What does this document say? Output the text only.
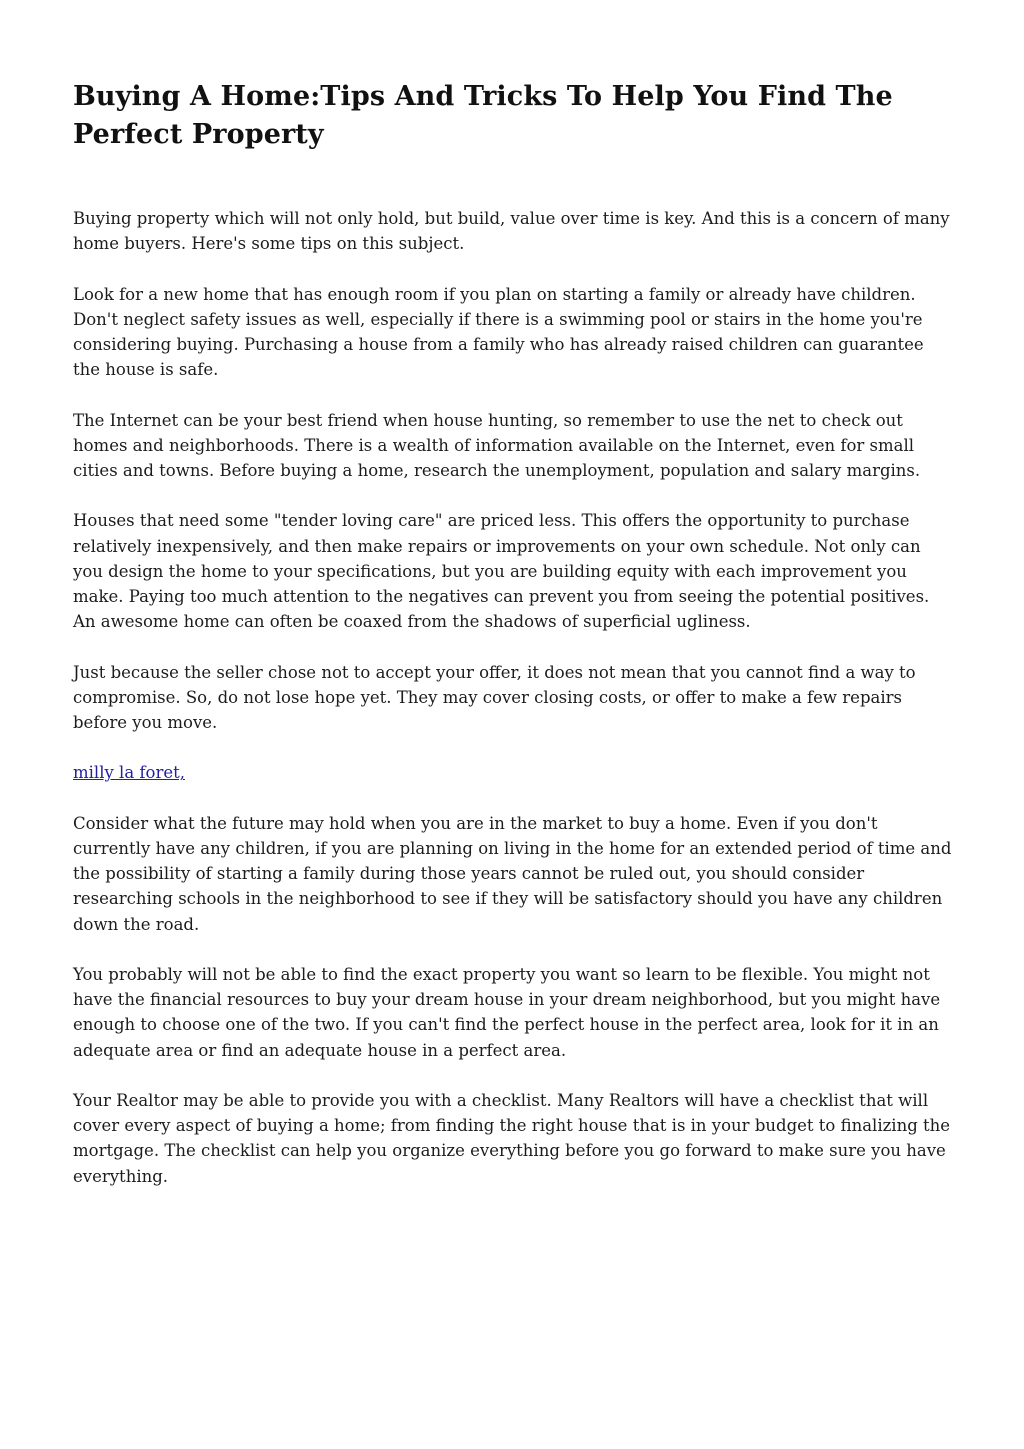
Buying A Home:Tips And Tricks To Help You Find The Perfect Property

Buying property which will not only hold, but build, value over time is key. And this is a concern of many home buyers. Here's some tips on this subject.

Look for a new home that has enough room if you plan on starting a family or already have children. Don't neglect safety issues as well, especially if there is a swimming pool or stairs in the home you're considering buying. Purchasing a house from a family who has already raised children can guarantee the house is safe.

The Internet can be your best friend when house hunting, so remember to use the net to check out homes and neighborhoods. There is a wealth of information available on the Internet, even for small cities and towns. Before buying a home, research the unemployment, population and salary margins.

Houses that need some "tender loving care" are priced less. This offers the opportunity to purchase relatively inexpensively, and then make repairs or improvements on your own schedule. Not only can you design the home to your specifications, but you are building equity with each improvement you make. Paying too much attention to the negatives can prevent you from seeing the potential positives. An awesome home can often be coaxed from the shadows of superficial ugliness.

Just because the seller chose not to accept your offer, it does not mean that you cannot find a way to compromise. So, do not lose hope yet. They may cover closing costs, or offer to make a few repairs before you move.

milly la foret,

Consider what the future may hold when you are in the market to buy a home. Even if you don't currently have any children, if you are planning on living in the home for an extended period of time and the possibility of starting a family during those years cannot be ruled out, you should consider researching schools in the neighborhood to see if they will be satisfactory should you have any children down the road.

You probably will not be able to find the exact property you want so learn to be flexible. You might not have the financial resources to buy your dream house in your dream neighborhood, but you might have enough to choose one of the two. If you can't find the perfect house in the perfect area, look for it in an adequate area or find an adequate house in a perfect area.

Your Realtor may be able to provide you with a checklist. Many Realtors will have a checklist that will cover every aspect of buying a home; from finding the right house that is in your budget to finalizing the mortgage. The checklist can help you organize everything before you go forward to make sure you have everything.
